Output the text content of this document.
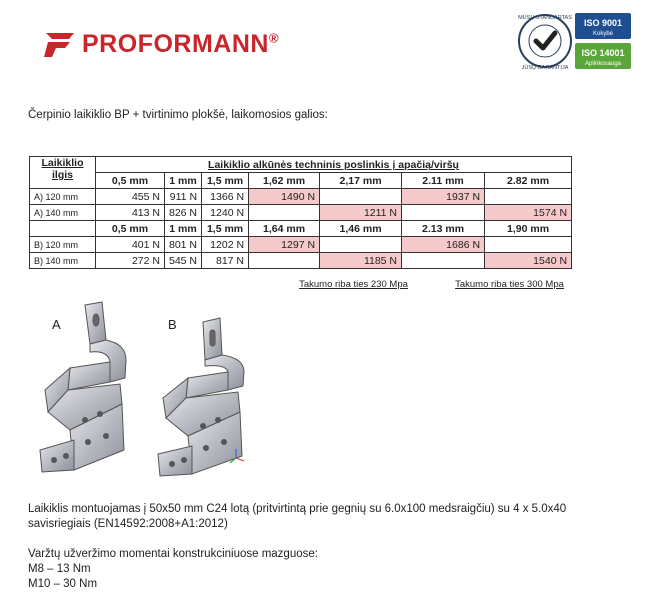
PROFORMANN®
MŪSŲ STANDARTAS
JŪSŲ GARANTIJA
ISO 9001
Kokybė
ISO 14001
Aplinkosauga
Čerpinio laikiklio BP + tvirtinimo plokšė, laikomosios galios:
Laikiklio ilgis	Laikiklio alkūnės techninis poslinkis į apačią/viršų						
	0,5 mm	1 mm	1,5 mm	1,62 mm	2,17 mm	2.11 mm	2.82 mm
A) 120 mm	455 N	911 N	1366 N	1490 N		1937 N	
A) 140 mm	413 N	826 N	1240 N		1211 N		1574 N
	0,5 mm	1 mm	1,5 mm	1,64 mm	1,46 mm	2.13 mm	1,90 mm
B) 120 mm	401 N	801 N	1202 N	1297 N		1686 N	
B) 140 mm	272 N	545 N	817 N		1185 N		1540 N
Takumo riba ties 230 Mpa	Takumo riba ties 300 Mpa
A	B
Laikiklis montuojamas į 50x50 mm C24 lotą (pritvirtintą prie gegnių su 6.0x100 medsraigčiu) su 4 x 5.0x40
savisriegiais (EN14592:2008+A1:2012)
Varžtų užveržimo momentai konstrukciniuose mazguose:
M8 – 13 Nm
M10 – 30 Nm
